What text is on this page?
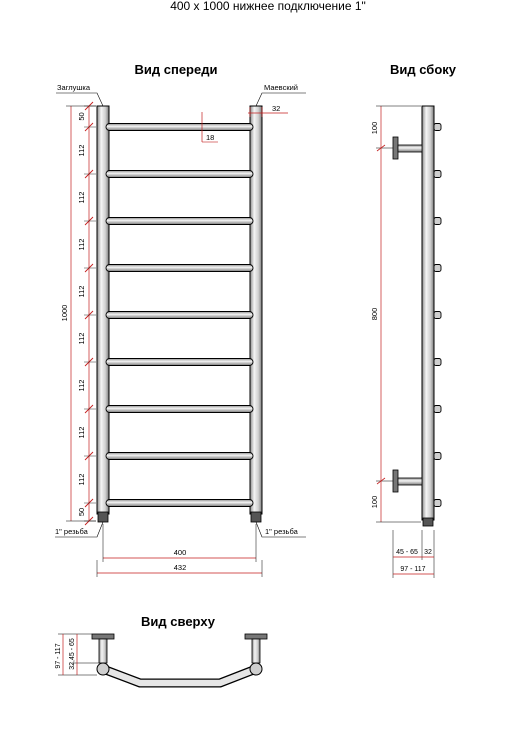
400 x 1000 нижнее подключение 1"
Вид спереди	Вид сбоку
Вид сверху
Заглушка	Маевский
1" резьба	1" резьба
32
18
1000
50
112
112
112
112
112
112
112
112
50
400
432
100
800
100
45 - 65 32
97 - 117
97 - 117 32,45 - 65
